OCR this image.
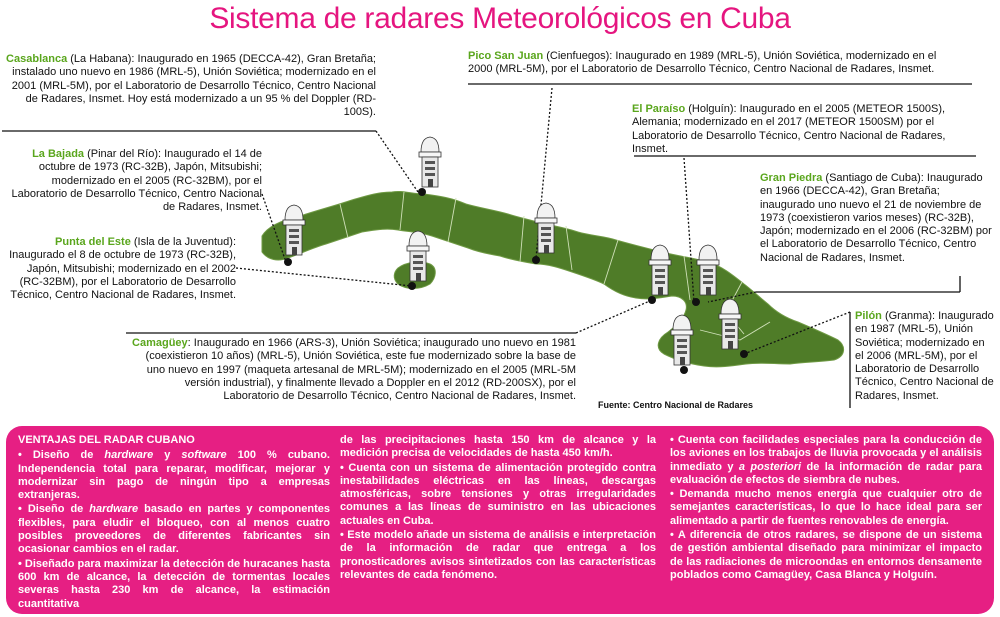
Sistema de radares Meteorológicos en Cuba
Casablanca (La Habana): Inaugurado en 1965 (DECCA-42), Gran Bretaña; instalado uno nuevo en 1986 (MRL-5), Unión Soviética; modernizado en el 2001 (MRL-5M), por el Laboratorio de Desarrollo Técnico, Centro Nacional de Radares, Insmet. Hoy está modernizado a un 95 % del Doppler (RD-100S).
La Bajada (Pinar del Río): Inaugurado el 14 de octubre de 1973 (RC-32B), Japón, Mitsubishi; modernizado en el 2005 (RC-32BM), por el Laboratorio de Desarrollo Técnico, Centro Nacional de Radares, Insmet.
Punta del Este (Isla de la Juventud): Inaugurado el 8 de octubre de 1973 (RC-32B), Japón, Mitsubishi; modernizado en el 2002 (RC-32BM), por el Laboratorio de Desarrollo Técnico, Centro Nacional de Radares, Insmet.
Pico San Juan (Cienfuegos): Inaugurado en 1989 (MRL-5), Unión Soviética, modernizado en el 2000 (MRL-5M), por el Laboratorio de Desarrollo Técnico, Centro Nacional de Radares, Insmet.
El Paraíso (Holguín): Inaugurado en el 2005 (METEOR 1500S), Alemania; modernizado en el 2017 (METEOR 1500SM) por el Laboratorio de Desarrollo Técnico, Centro Nacional de Radares, Insmet.
Gran Piedra (Santiago de Cuba): Inaugurado en 1966 (DECCA-42), Gran Bretaña; inaugurado uno nuevo el 21 de noviembre de 1973 (coexistieron varios meses) (RC-32B), Japón; modernizado en el 2006 (RC-32BM) por el Laboratorio de Desarrollo Técnico, Centro Nacional de Radares, Insmet.
Pilón (Granma): Inaugurado en 1987 (MRL-5), Unión Soviética; modernizado en el 2006 (MRL-5M), por el Laboratorio de Desarrollo Técnico, Centro Nacional de Radares, Insmet.
Camagüey: Inaugurado en 1966 (ARS-3), Unión Soviética; inaugurado uno nuevo en 1981 (coexistieron 10 años) (MRL-5), Unión Soviética, este fue modernizado sobre la base de uno nuevo en 1997 (maqueta artesanal de MRL-5M); modernizado en el 2005 (MRL-5M versión industrial), y finalmente llevado a Doppler en el 2012 (RD-200SX), por el Laboratorio de Desarrollo Técnico, Centro Nacional de Radares, Insmet.
Fuente: Centro Nacional de Radares
VENTAJAS DEL RADAR CUBANO
• Diseño de hardware y software 100 % cubano. Independencia total para reparar, modificar, mejorar y modernizar sin pago de ningún tipo a empresas extranjeras.
• Diseño de hardware basado en partes y componentes flexibles, para eludir el bloqueo, con al menos cuatro posibles proveedores de diferentes fabricantes sin ocasionar cambios en el radar.
• Diseñado para maximizar la detección de huracanes hasta 600 km de alcance, la detección de tormentas locales severas hasta 230 km de alcance, la estimación cuantitativa
de las precipitaciones hasta 150 km de alcance y la medición precisa de velocidades de hasta 450 km/h.
• Cuenta con un sistema de alimentación protegido contra inestabilidades eléctricas en las líneas, descargas atmosféricas, sobre tensiones y otras irregularidades comunes a las líneas de suministro en las ubicaciones actuales en Cuba.
• Este modelo añade un sistema de análisis e interpretación de la información de radar que entrega a los pronosticadores avisos sintetizados con las características relevantes de cada fenómeno.
• Cuenta con facilidades especiales para la conducción de los aviones en los trabajos de lluvia provocada y el análisis inmediato y a posteriori de la información de radar para evaluación de efectos de siembra de nubes.
• Demanda mucho menos energía que cualquier otro de semejantes características, lo que lo hace ideal para ser alimentado a partir de fuentes renovables de energía.
• A diferencia de otros radares, se dispone de un sistema de gestión ambiental diseñado para minimizar el impacto de las radiaciones de microondas en entornos densamente poblados como Camagüey, Casa Blanca y Holguín.
